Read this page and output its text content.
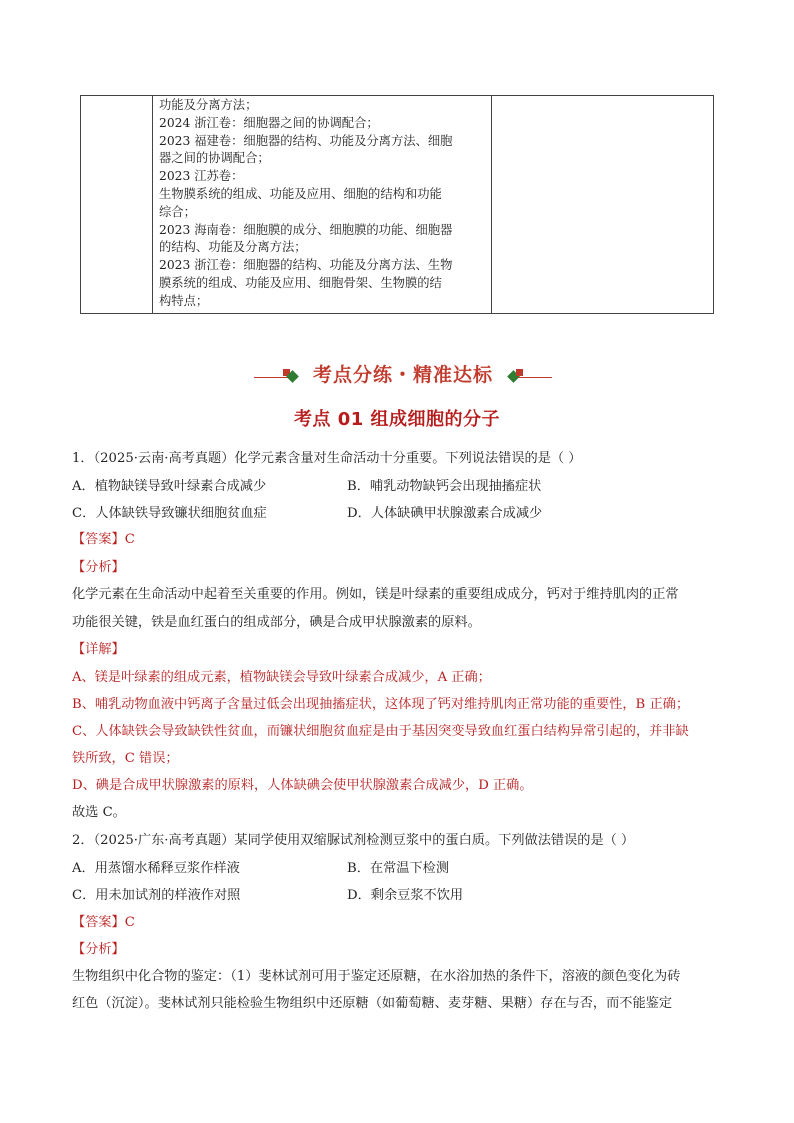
功能及分离方法；
2024 浙江卷：细胞器之间的协调配合；
2023 福建卷：细胞器的结构、功能及分离方法、细胞
器之间的协调配合；
2023 江苏卷：
生物膜系统的组成、功能及应用、细胞的结构和功能
综合；
2023 海南卷：细胞膜的成分、细胞膜的功能、细胞器
的结构、功能及分离方法；
2023 浙江卷：细胞器的结构、功能及分离方法、生物
膜系统的组成、功能及应用、细胞骨架、生物膜的结
构特点；
考点分练・精准达标
考点 01 组成细胞的分子
1．（2025·云南·高考真题）化学元素含量对生命活动十分重要。下列说法错误的是（ ）
A．植物缺镁导致叶绿素合成减少	B．哺乳动物缺钙会出现抽搐症状
C．人体缺铁导致镰状细胞贫血症	D．人体缺碘甲状腺激素合成减少
【答案】C
【分析】
化学元素在生命活动中起着至关重要的作用。例如，镁是叶绿素的重要组成成分，钙对于维持肌肉的正常
功能很关键，铁是血红蛋白的组成部分，碘是合成甲状腺激素的原料。
【详解】
A、镁是叶绿素的组成元素，植物缺镁会导致叶绿素合成减少，A 正确；
B、哺乳动物血液中钙离子含量过低会出现抽搐症状，这体现了钙对维持肌肉正常功能的重要性，B 正确；
C、人体缺铁会导致缺铁性贫血，而镰状细胞贫血症是由于基因突变导致血红蛋白结构异常引起的，并非缺
铁所致，C 错误；
D、碘是合成甲状腺激素的原料，人体缺碘会使甲状腺激素合成减少，D 正确。
故选 C。
2．（2025·广东·高考真题）某同学使用双缩脲试剂检测豆浆中的蛋白质。下列做法错误的是（ ）
A．用蒸馏水稀释豆浆作样液	B．在常温下检测
C．用未加试剂的样液作对照	D．剩余豆浆不饮用
【答案】C
【分析】
生物组织中化合物的鉴定：（1）斐林试剂可用于鉴定还原糖，在水浴加热的条件下，溶液的颜色变化为砖
红色（沉淀）。斐林试剂只能检验生物组织中还原糖（如葡萄糖、麦芽糖、果糖）存在与否，而不能鉴定
